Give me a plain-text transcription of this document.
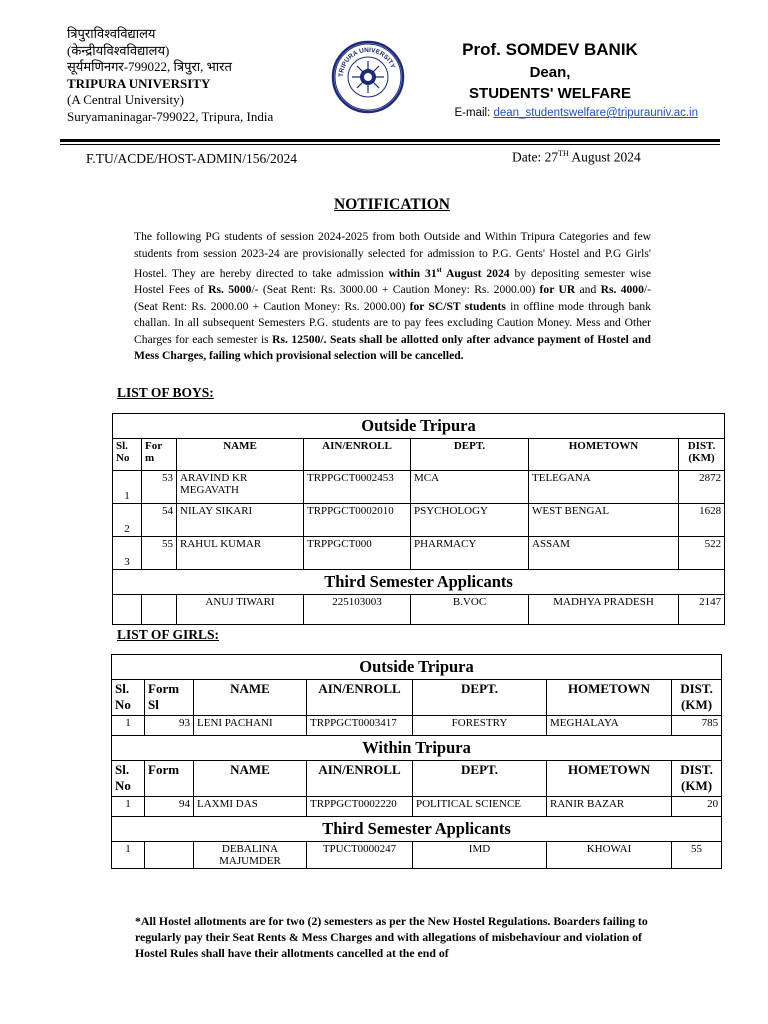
त्रिपुराविश्वविद्यालय
(केन्द्रीयविश्वविद्यालय)
सूर्यमणिनगर-799022, त्रिपुरा, भारत
TRIPURA UNIVERSITY
(A Central University)
Suryamaninagar-799022, Tripura, India
TRIPURA UNIVERSITY
Prof. SOMDEV BANIK
Dean,
STUDENTS' WELFARE
E-mail: dean_studentswelfare@tripurauniv.ac.in
F.TU/ACDE/HOST-ADMIN/156/2024	Date: 27TH August 2024
NOTIFICATION
The following PG students of session 2024-2025 from both Outside and Within Tripura Categories and few students from session 2023-24 are provisionally selected for admission to P.G. Gents' Hostel and P.G Girls' Hostel. They are hereby directed to take admission within 31st August 2024 by depositing semester wise Hostel Fees of Rs. 5000/- (Seat Rent: Rs. 3000.00 + Caution Money: Rs. 2000.00) for UR and Rs. 4000/- (Seat Rent: Rs. 2000.00 + Caution Money: Rs. 2000.00) for SC/ST students in offline mode through bank challan. In all subsequent Semesters P.G. students are to pay fees excluding Caution Money. Mess and Other Charges for each semester is Rs. 12500/. Seats shall be allotted only after advance payment of Hostel and Mess Charges, failing which provisional selection will be cancelled.
LIST OF BOYS:
Outside Tripura						
Sl. No	For m	NAME	AIN/ENROLL	DEPT.	HOMETOWN	DIST. (KM)
1	53	ARAVIND KR MEGAVATH	TRPPGCT0002453	MCA	TELEGANA	2872
2	54	NILAY SIKARI	TRPPGCT0002010	PSYCHOLOGY	WEST BENGAL	1628
3	55	RAHUL KUMAR	TRPPGCT000	PHARMACY	ASSAM	522
Third Semester Applicants						
		ANUJ TIWARI	225103003	B.VOC	MADHYA PRADESH	2147
LIST OF GIRLS:
Outside Tripura						
Sl. No	Form Sl	NAME	AIN/ENROLL	DEPT.	HOMETOWN	DIST. (KM)
1	93	LENI PACHANI	TRPPGCT0003417	FORESTRY	MEGHALAYA	785
Within Tripura						
Sl. No	Form	NAME	AIN/ENROLL	DEPT.	HOMETOWN	DIST. (KM)
1	94	LAXMI DAS	TRPPGCT0002220	POLITICAL SCIENCE	RANIR BAZAR	20
Third Semester Applicants						
1		DEBALINA MAJUMDER	TPUCT0000247	IMD	KHOWAI	55
*All Hostel allotments are for two (2) semesters as per the New Hostel Regulations. Boarders failing to regularly pay their Seat Rents & Mess Charges and with allegations of misbehaviour and violation of Hostel Rules shall have their allotments cancelled at the end of
